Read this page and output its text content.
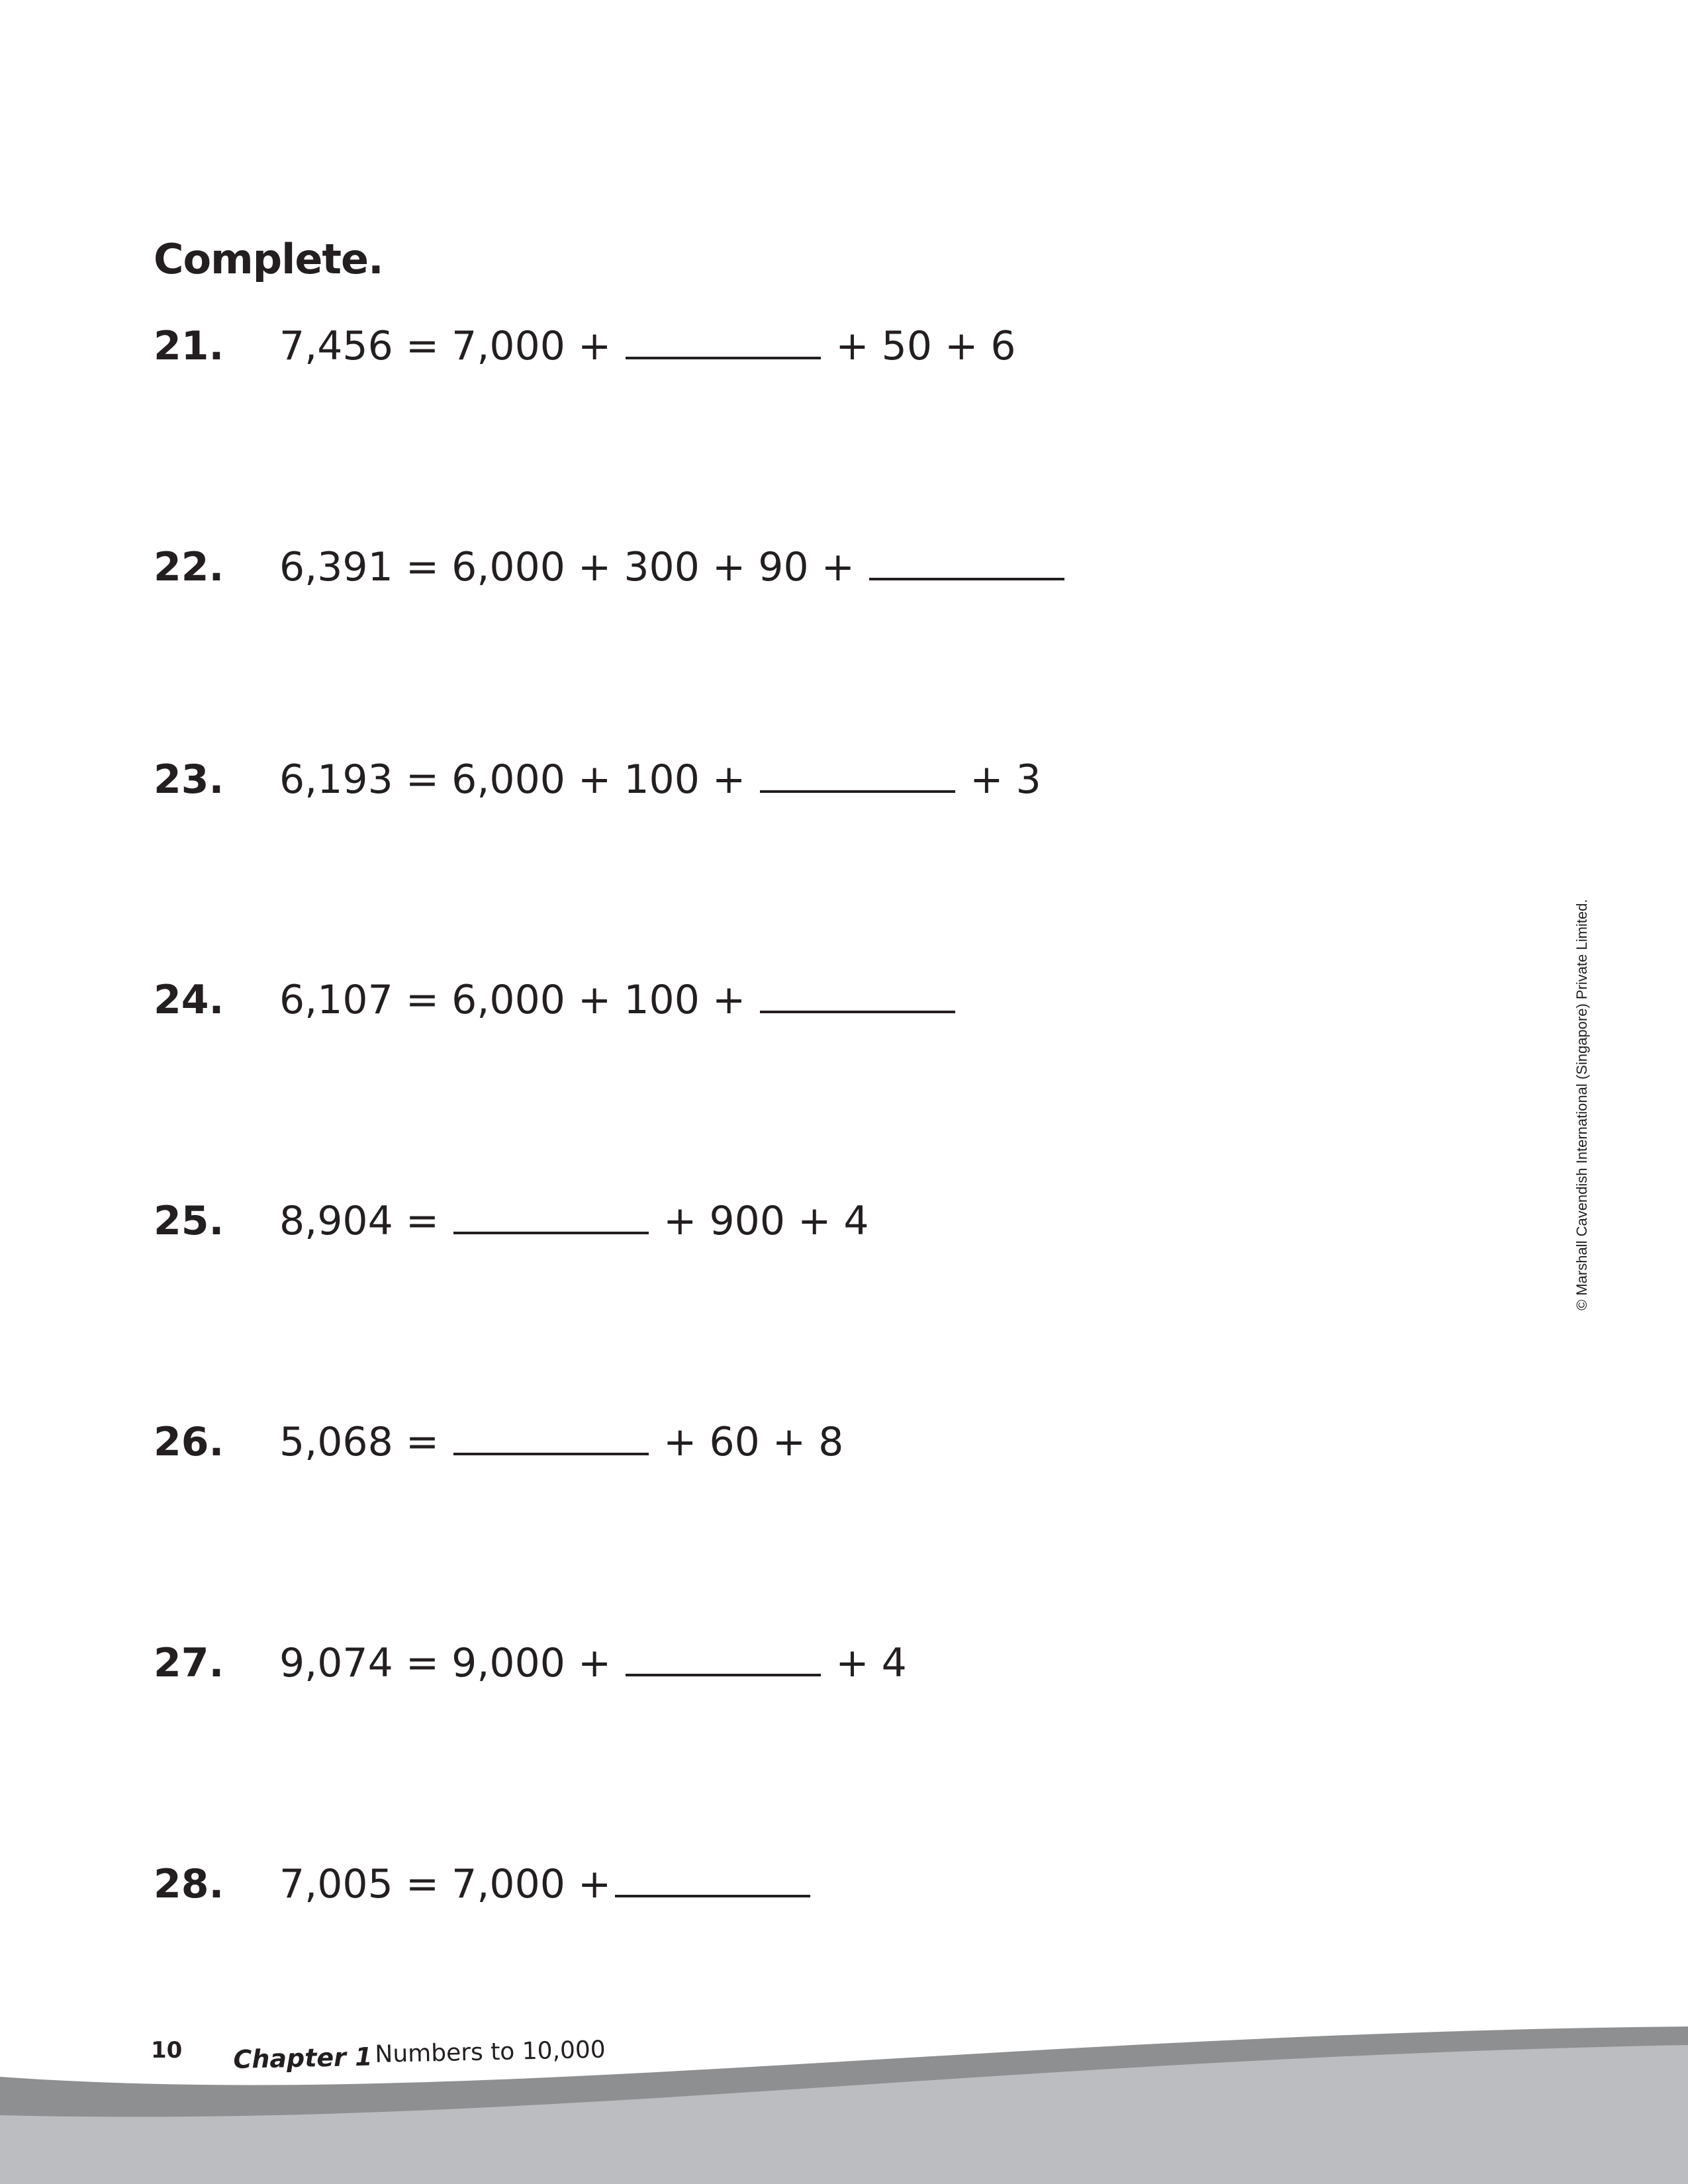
Complete.
21.	7,456 = 7,000 +	+ 50 + 6
22.	6,391 = 6,000 + 300 + 90 +
23.	6,193 = 6,000 + 100 +	+ 3
24.	6,107 = 6,000 + 100 +
25.	8,904 =	+ 900 + 4
26.	5,068 =	+ 60 + 8
27.	9,074 = 9,000 +	+ 4
28.	7,005 = 7,000 +
© Marshall Cavendish International (Singapore) Private Limited.
10 Chapter 1 Numbers to 10,000
